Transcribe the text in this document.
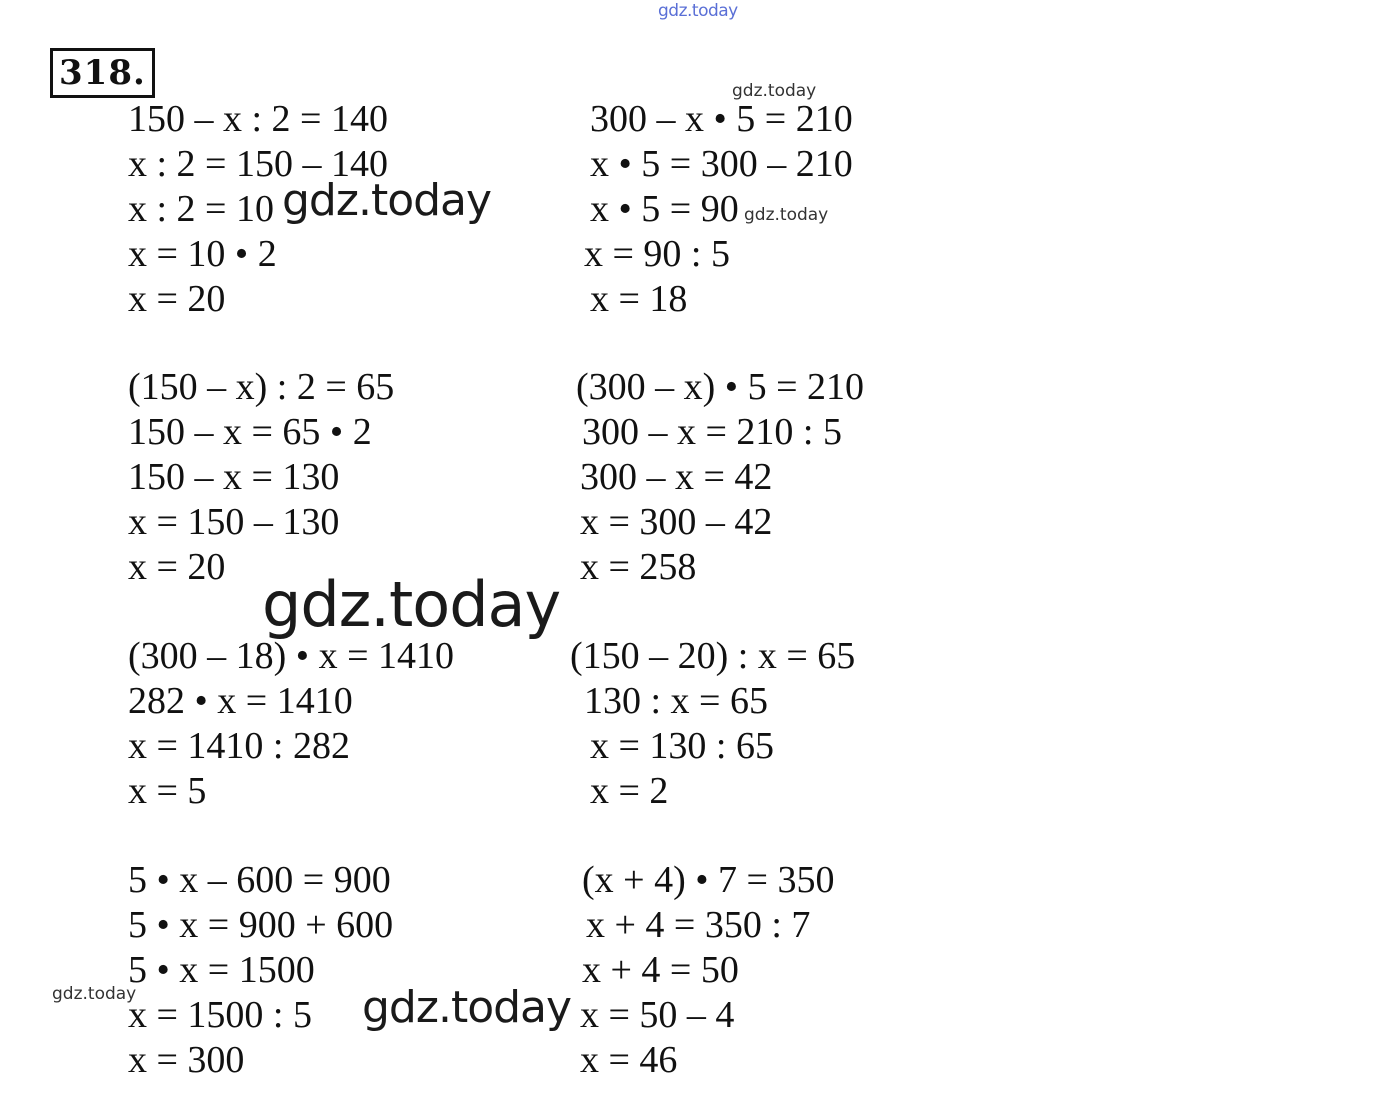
gdz.today
gdz.today
gdz.today
gdz.today
318.
150 – x : 2 = 140
x : 2 = 150 – 140
x : 2 = 10
x = 10 • 2
x = 20
300 – x • 5 = 210
x • 5 = 300 – 210
x • 5 = 90
x = 90 : 5
x = 18
(150 – x) : 2 = 65
150 – x = 65 • 2
150 – x = 130
x = 150 – 130
x = 20
(300 – x) • 5 = 210
300 – x = 210 : 5
300 – x = 42
x = 300 – 42
x = 258
gdz.today
(300 – 18) • x = 1410
282 • x = 1410
x = 1410 : 282
x = 5
(150 – 20) : x = 65
130 : x = 65
x = 130 : 65
x = 2
5 • x – 600 = 900
5 • x = 900 + 600
5 • x = 1500
x = 1500 : 5
x = 300
(x + 4) • 7 = 350
x + 4 = 350 : 7
x + 4 = 50
x = 50 – 4
x = 46
gdz.today
gdz.today
